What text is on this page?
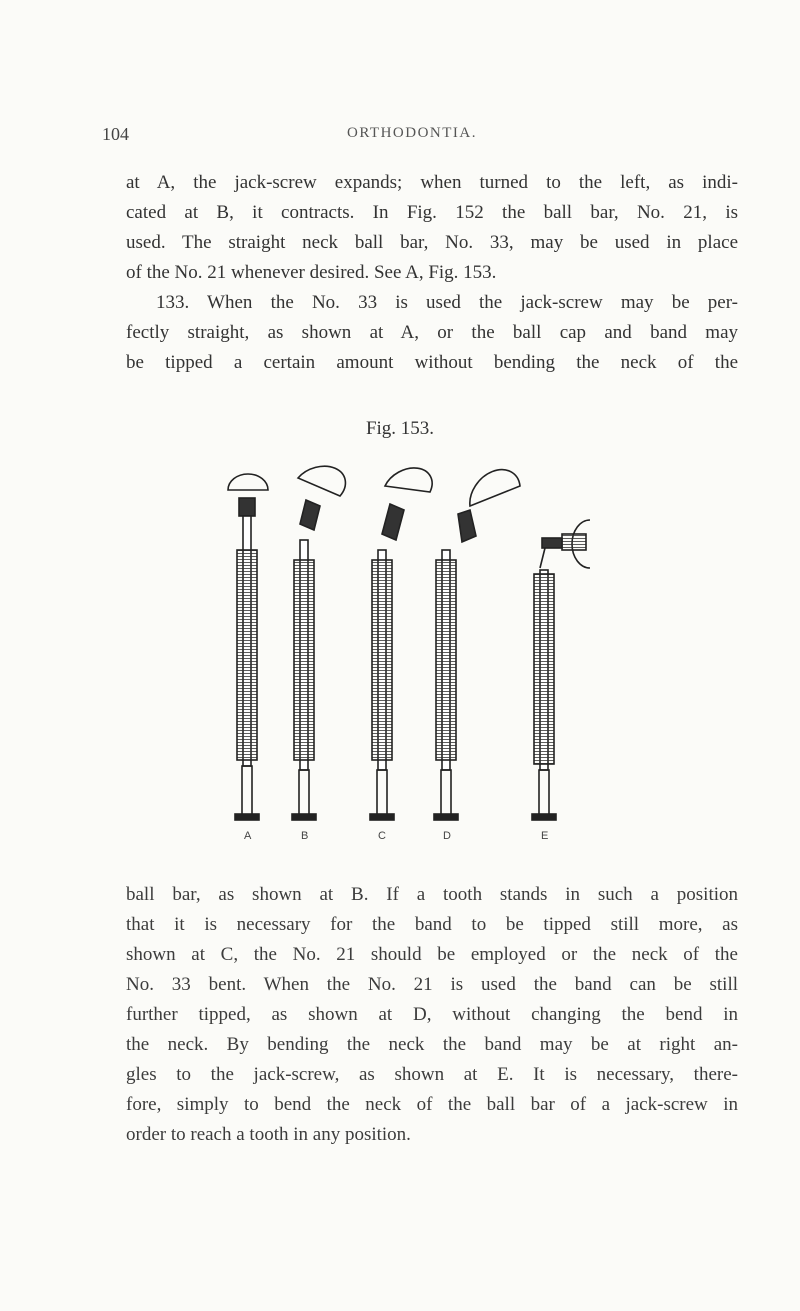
104	ORTHODONTIA.
at A, the jack-screw expands; when turned to the left, as indi-
cated at B, it contracts. In Fig. 152 the ball bar, No. 21, is
used. The straight neck ball bar, No. 33, may be used in place
of the No. 21 whenever desired. See A, Fig. 153.
133. When the No. 33 is used the jack-screw may be per-
fectly straight, as shown at A, or the ball cap and band may
be tipped a certain amount without bending the neck of the
Fig. 153.
A	B	C	D	E
ball bar, as shown at B. If a tooth stands in such a position
that it is necessary for the band to be tipped still more, as
shown at C, the No. 21 should be employed or the neck of the
No. 33 bent. When the No. 21 is used the band can be still
further tipped, as shown at D, without changing the bend in
the neck. By bending the neck the band may be at right an-
gles to the jack-screw, as shown at E. It is necessary, there-
fore, simply to bend the neck of the ball bar of a jack-screw in
order to reach a tooth in any position.
